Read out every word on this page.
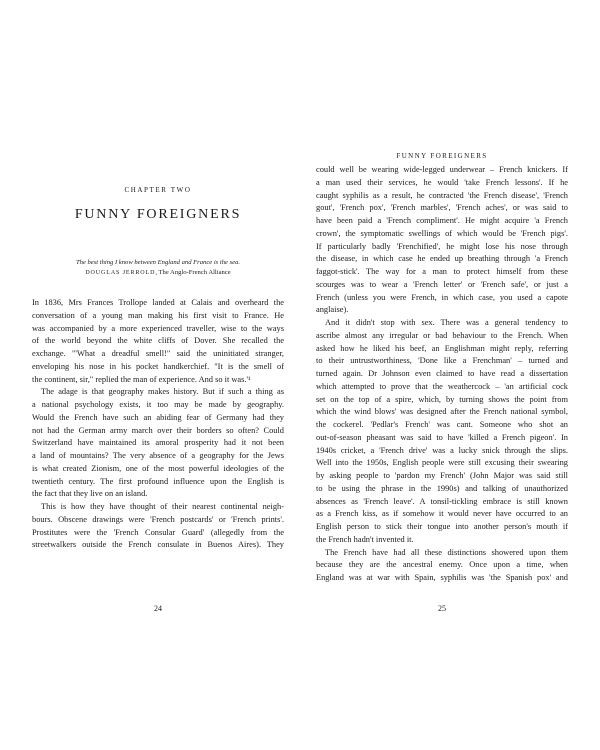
CHAPTER TWO
FUNNY FOREIGNERS
The best thing I know between England and France is the sea.
DOUGLAS JERROLD, The Anglo-French Alliance
In 1836, Mrs Frances Trollope landed at Calais and overheard the
conversation of a young man making his first visit to France. He
was accompanied by a more experienced traveller, wise to the ways
of the world beyond the white cliffs of Dover. She recalled the
exchange. '"What a dreadful smell!" said the uninitiated stranger,
enveloping his nose in his pocket handkerchief. "It is the smell of
the continent, sir," replied the man of experience. And so it was.'¹
The adage is that geography makes history. But if such a thing as
a national psychology exists, it too may be made by geography.
Would the French have such an abiding fear of Germany had they
not had the German army march over their borders so often? Could
Switzerland have maintained its amoral prosperity had it not been
a land of mountains? The very absence of a geography for the Jews
is what created Zionism, one of the most powerful ideologies of the
twentieth century. The first profound influence upon the English is
the fact that they live on an island.
This is how they have thought of their nearest continental neigh-
bours. Obscene drawings were 'French postcards' or 'French prints'.
Prostitutes were the 'French Consular Guard' (allegedly from the
streetwalkers outside the French consulate in Buenos Aires). They
24
FUNNY FOREIGNERS
could well be wearing wide-legged underwear – French knickers. If
a man used their services, he would 'take French lessons'. If he
caught syphilis as a result, he contracted 'the French disease', 'French
gout', 'French pox', 'French marbles', 'French aches', or was said to
have been paid a 'French compliment'. He might acquire 'a French
crown', the symptomatic swellings of which would be 'French pigs'.
If particularly badly 'Frenchified', he might lose his nose through
the disease, in which case he ended up breathing through 'a French
faggot-stick'. The way for a man to protect himself from these
scourges was to wear a 'French letter' or 'French safe', or just a
French (unless you were French, in which case, you used a capote
anglaise).
And it didn't stop with sex. There was a general tendency to
ascribe almost any irregular or bad behaviour to the French. When
asked how he liked his beef, an Englishman might reply, referring
to their untrustworthiness, 'Done like a Frenchman' – turned and
turned again. Dr Johnson even claimed to have read a dissertation
which attempted to prove that the weathercock – 'an artificial cock
set on the top of a spire, which, by turning shows the point from
which the wind blows' was designed after the French national symbol,
the cockerel. 'Pedlar's French' was cant. Someone who shot an
out-of-season pheasant was said to have 'killed a French pigeon'. In
1940s cricket, a 'French drive' was a lucky snick through the slips.
Well into the 1950s, English people were still excusing their swearing
by asking people to 'pardon my French' (John Major was said still
to be using the phrase in the 1990s) and talking of unauthorized
absences as 'French leave'. A tonsil-tickling embrace is still known
as a French kiss, as if somehow it would never have occurred to an
English person to stick their tongue into another person's mouth if
the French hadn't invented it.
The French have had all these distinctions showered upon them
because they are the ancestral enemy. Once upon a time, when
England was at war with Spain, syphilis was 'the Spanish pox' and
25
